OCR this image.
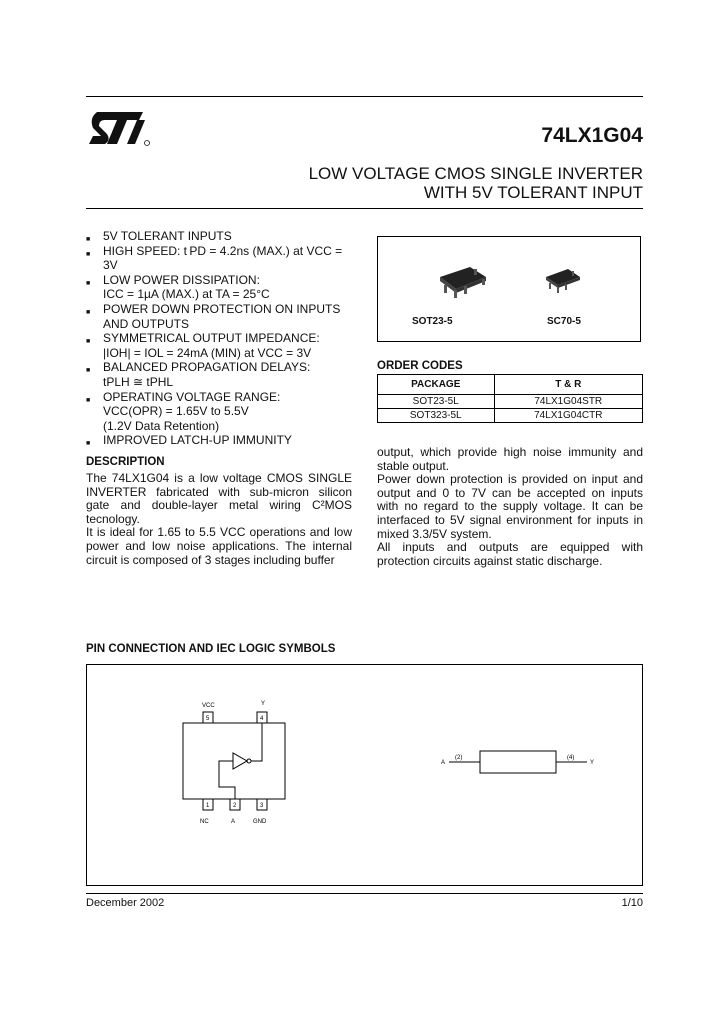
74LX1G04
LOW VOLTAGE CMOS SINGLE INVERTER
WITH 5V TOLERANT INPUT

■ 5V TOLERANT INPUTS

■ HIGH SPEED: t PD = 4.2ns (MAX.) at VCC = 3V

■ LOW POWER DISSIPATION:

ICC = 1µA (MAX.) at TA = 25°C

■ POWER DOWN PROTECTION ON INPUTS

AND OUTPUTS

■ SYMMETRICAL OUTPUT IMPEDANCE:

|IOH| = IOL = 24mA (MIN) at VCC = 3V

■ BALANCED PROPAGATION DELAYS:

tPLH ≅ tPHL

■ OPERATING VOLTAGE RANGE:

VCC(OPR) = 1.65V to 5.5V

(1.2V Data Retention)

■ IMPROVED LATCH-UP IMMUNITY

SOT23-5	SC70-5
ORDER CODES
PACKAGE	T & R
SOT23-5L	74LX1G04STR
SOT323-5L	74LX1G04CTR
DESCRIPTION

The 74LX1G04 is a low voltage CMOS SINGLE INVERTER fabricated with sub-micron silicon gate and double-layer metal wiring C²MOS tecnology.

It is ideal for 1.65 to 5.5 VCC operations and low power and low noise applications. The internal circuit is composed of 3 stages including buffer

output, which provide high noise immunity and stable output.

Power down protection is provided on input and output and 0 to 7V can be accepted on inputs with no regard to the supply voltage. It can be interfaced to 5V signal environment for inputs in mixed 3.3/5V system.

All inputs and outputs are equipped with protection circuits against static discharge.

PIN CONNECTION AND IEC LOGIC SYMBOLS
A
(2)	(4)
Y
VCC	Y
NC	A	GND
5	4
1	2	3
December 2002	1/10
